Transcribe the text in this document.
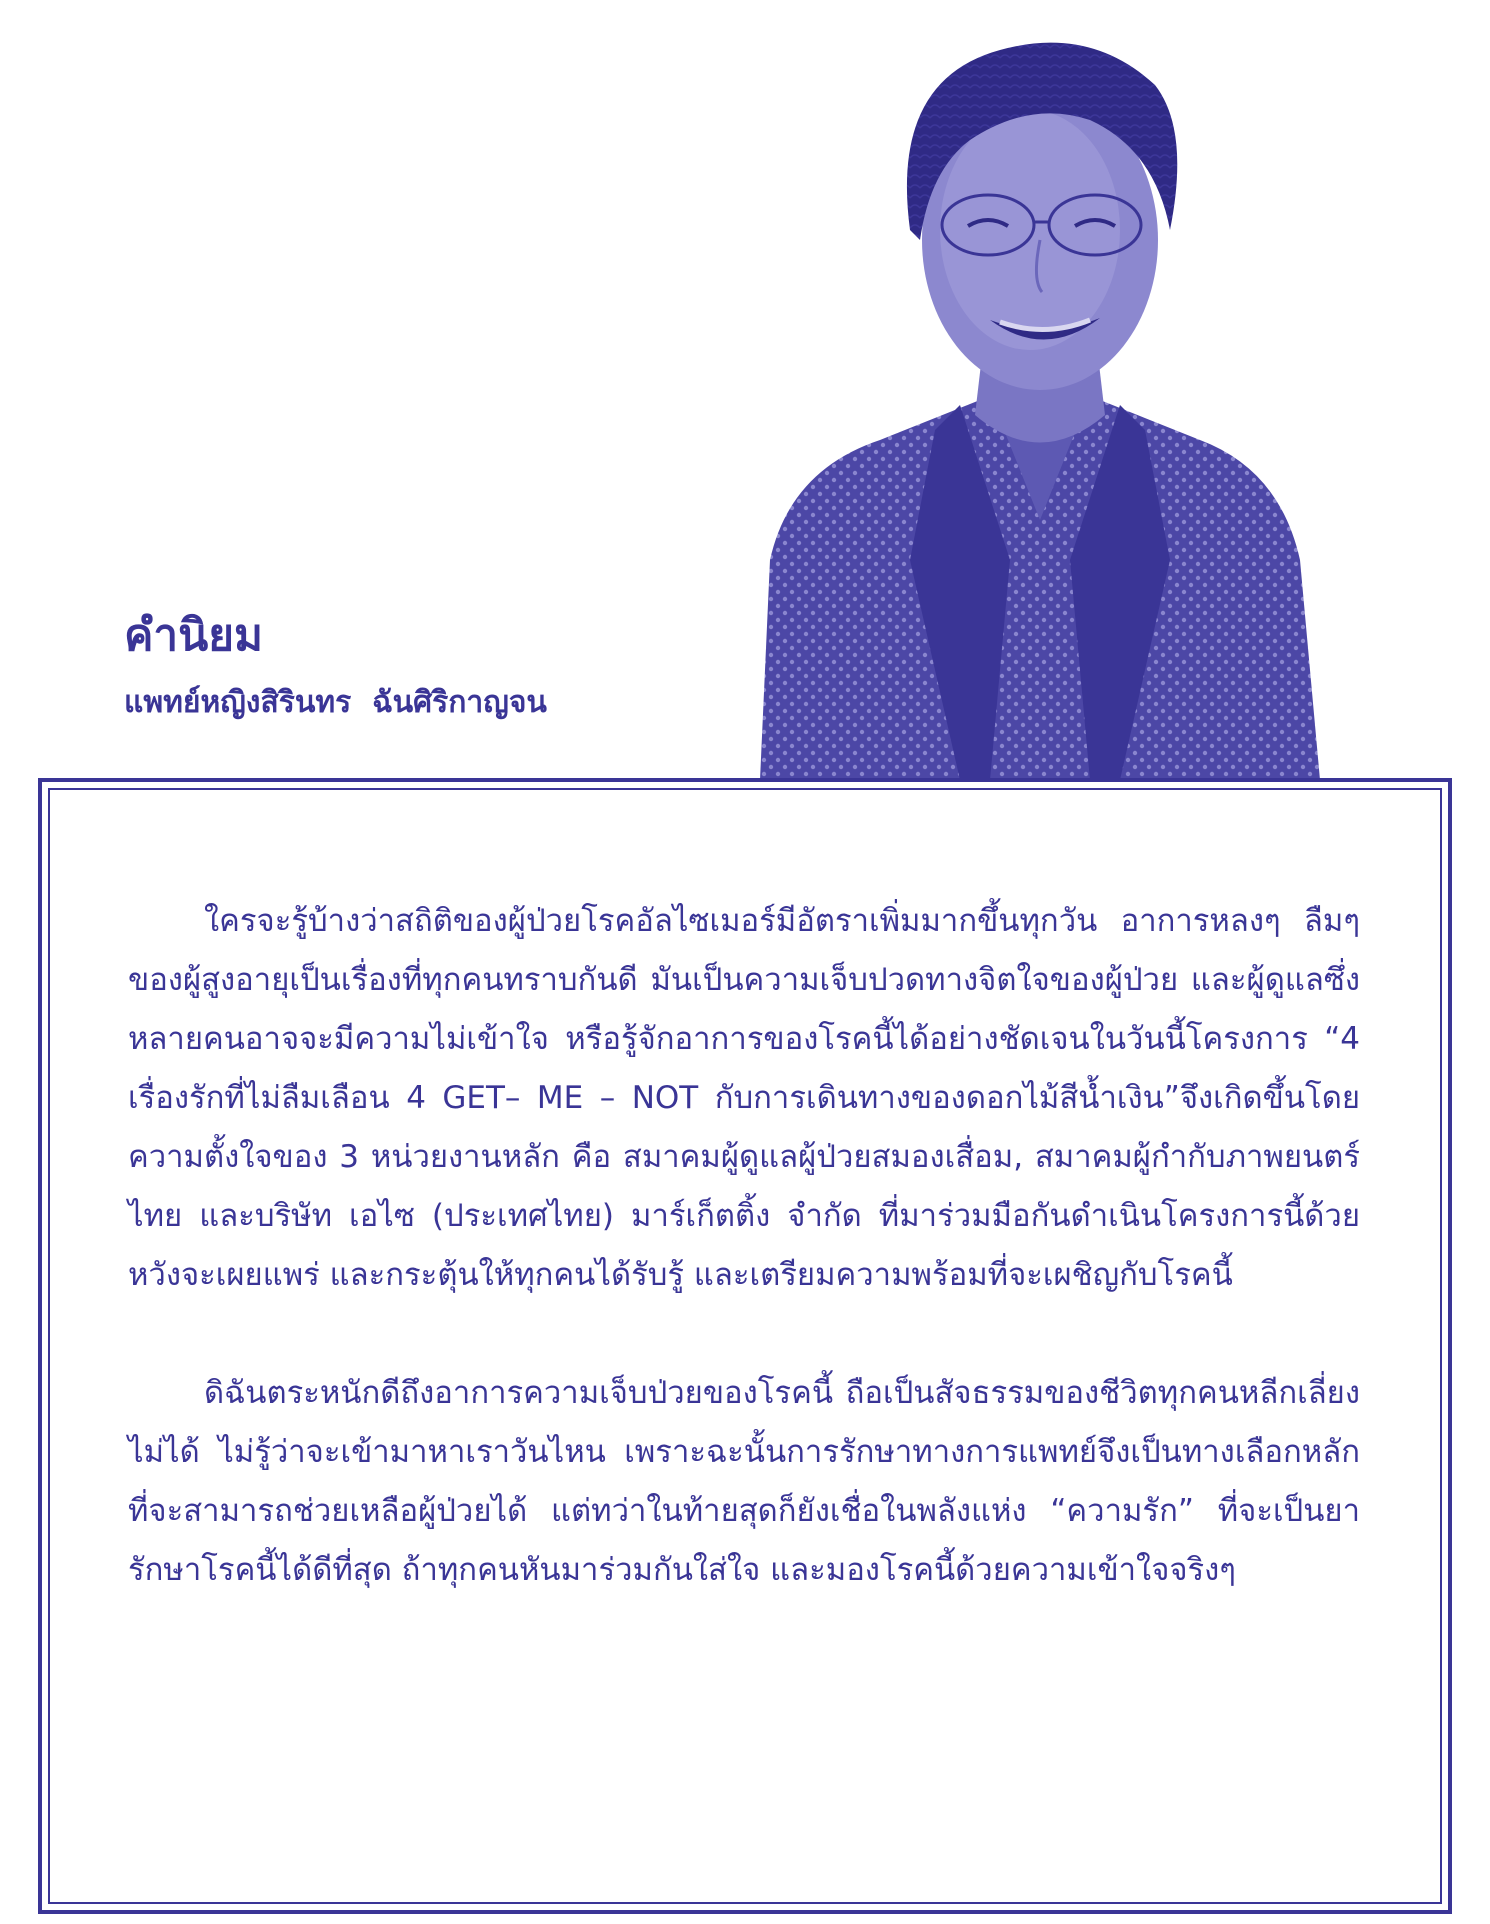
คำนิยม
แพทย์หญิงสิรินทร  ฉันศิริกาญจน

ใครจะรู้บ้างว่าสถิติของผู้ป่วยโรคอัลไซเมอร์มีอัตราเพิ่มมากขึ้นทุกวัน อาการหลงๆ ลืมๆ ของผู้สูงอายุเป็นเรื่องที่ทุกคนทราบกันดี มันเป็นความเจ็บปวดทางจิตใจของผู้ป่วย และผู้ดูแลซึ่งหลายคนอาจจะมีความไม่เข้าใจ หรือรู้จักอาการของโรคนี้ได้อย่างชัดเจนในวันนี้โครงการ “4 เรื่องรักที่ไม่ลืมเลือน 4 GET– ME – NOT กับการเดินทางของดอกไม้สีน้ำเงิน”จึงเกิดขึ้นโดยความตั้งใจของ 3 หน่วยงานหลัก คือ สมาคมผู้ดูแลผู้ป่วยสมองเสื่อม, สมาคมผู้กำกับภาพยนตร์ไทย และบริษัท เอไซ (ประเทศไทย) มาร์เก็ตติ้ง จำกัด ที่มาร่วมมือกันดำเนินโครงการนี้ด้วยหวังจะเผยแพร่ และกระตุ้นให้ทุกคนได้รับรู้ และเตรียมความพร้อมที่จะเผชิญกับโรคนี้

ดิฉันตระหนักดีถึงอาการความเจ็บป่วยของโรคนี้ ถือเป็นสัจธรรมของชีวิตทุกคนหลีกเลี่ยงไม่ได้ ไม่รู้ว่าจะเข้ามาหาเราวันไหน เพราะฉะนั้นการรักษาทางการแพทย์จึงเป็นทางเลือกหลักที่จะสามารถช่วยเหลือผู้ป่วยได้ แต่ทว่าในท้ายสุดก็ยังเชื่อในพลังแห่ง “ความรัก” ที่จะเป็นยารักษาโรคนี้ได้ดีที่สุด ถ้าทุกคนหันมาร่วมกันใส่ใจ และมองโรคนี้ด้วยความเข้าใจจริงๆ
